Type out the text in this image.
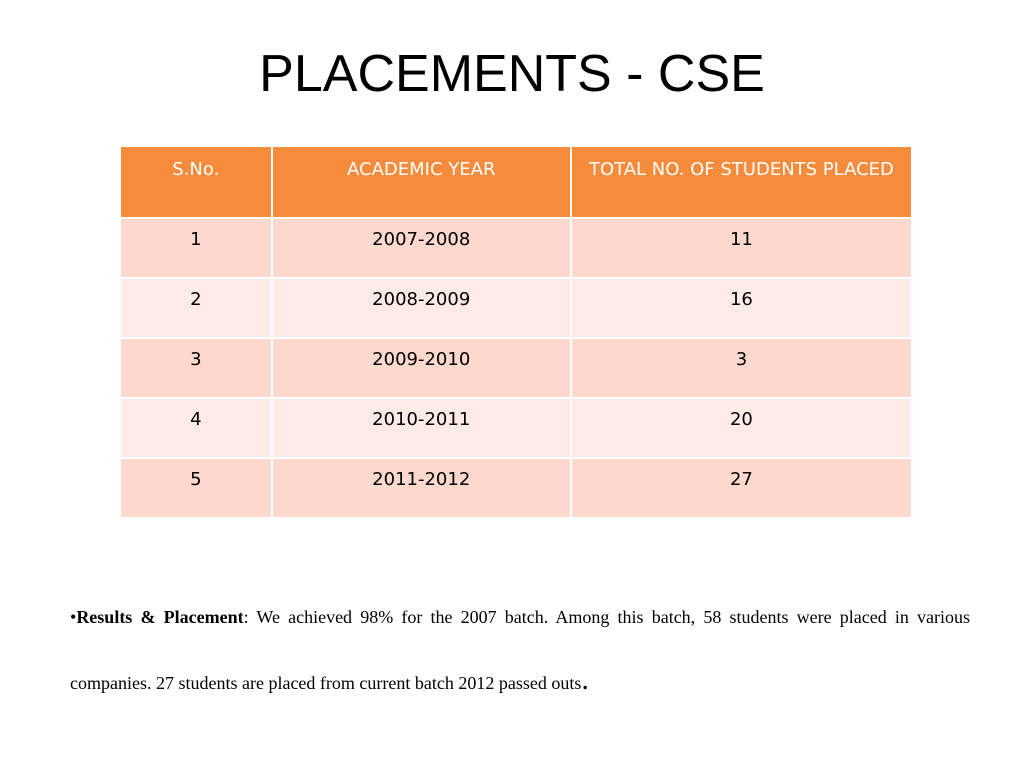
PLACEMENTS - CSE
S.No.	ACADEMIC YEAR	TOTAL NO. OF STUDENTS PLACED
1	2007-2008	11
2	2008-2009	16
3	2009-2010	3
4	2010-2011	20
5	2011-2012	27

•Results & Placement: We achieved 98% for the 2007 batch. Among this batch, 58 students were placed in various companies. 27 students are placed from current batch 2012 passed outs.
